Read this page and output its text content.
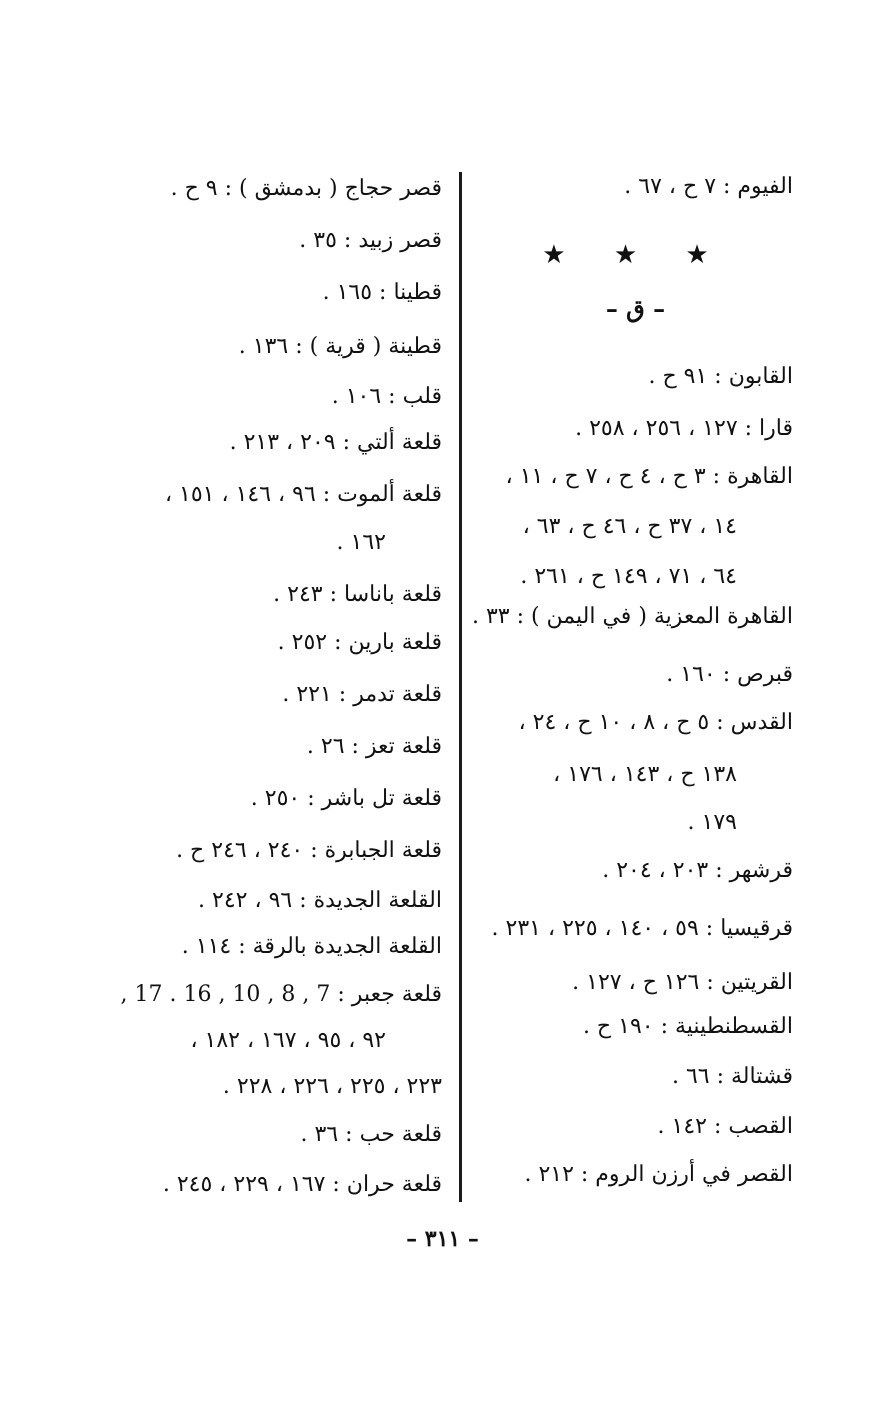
الفيوم : ٧ ح ، ٦٧ .
★ ★ ★
– ق –
القابون : ٩١ ح .
قارا : ١٢٧ ، ٢٥٦ ، ٢٥٨ .
القاهرة : ٣ ح ، ٤ ح ، ٧ ح ، ١١ ،
١٤ ، ٣٧ ح ، ٤٦ ح ، ٦٣ ،
٦٤ ، ٧١ ، ١٤٩ ح ، ٢٦١ .
القاهرة المعزية ( في اليمن ) : ٣٣ .
قبرص : ١٦٠ .
القدس : ٥ ح ، ٨ ، ١٠ ح ، ٢٤ ،
١٣٨ ح ، ١٤٣ ، ١٧٦ ،
١٧٩ .
قرشهر : ٢٠٣ ، ٢٠٤ .
قرقيسيا : ٥٩ ، ١٤٠ ، ٢٢٥ ، ٢٣١ .
القريتين : ١٢٦ ح ، ١٢٧ .
القسطنطينية : ١٩٠ ح .
قشتالة : ٦٦ .
القصب : ١٤٢ .
القصر في أرزن الروم : ٢١٢ .
قصر حجاج ( بدمشق ) : ٩ ح .
قصر زبيد : ٣٥ .
قطينا : ١٦٥ .
قطينة ( قرية ) : ١٣٦ .
قلب : ١٠٦ .
قلعة ألتي : ٢٠٩ ، ٢١٣ .
قلعة ألموت : ٩٦ ، ١٤٦ ، ١٥١ ،
١٦٢ .
قلعة باناسا : ٢٤٣ .
قلعة بارين : ٢٥٢ .
قلعة تدمر : ٢٢١ .
قلعة تعز : ٢٦ .
قلعة تل باشر : ٢٥٠ .
قلعة الجبابرة : ٢٤٠ ، ٢٤٦ ح .
القلعة الجديدة : ٩٦ ، ٢٤٢ .
القلعة الجديدة بالرقة : ١١٤ .
قلعة جعبر : 7 , 8 , 10 , 16 . 17 ,
٩٢ ، ٩٥ ، ١٦٧ ، ١٨٢ ،
٢٢٣ ، ٢٢٥ ، ٢٢٦ ، ٢٢٨ .
قلعة حب : ٣٦ .
قلعة حران : ١٦٧ ، ٢٢٩ ، ٢٤٥ .
– ٣١١ –
